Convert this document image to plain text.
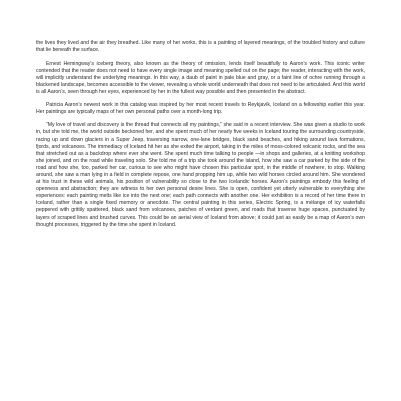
the lives they lived and the air they breathed. Like many of her works, this is a painting of layered meanings, of the troubled history and culture that lie beneath the surface.

Ernest Hemingway’s iceberg theory, also known as the theory of omission, lends itself beautifully to Aaron’s work. This iconic writer contended that the reader does not need to have every single image and meaning spelled out on the page; the reader, interacting with the work, will implicitly understand the underlying meanings. In this way, a daub of paint in pale blue and gray, or a faint line of ochre running through a blackened landscape, becomes accessible to the viewer, revealing a whole world underneath that does not need to be articulated. And this world is all Aaron’s, seen through her eyes, experienced by her in the fullest way possible and then presented in the abstract.

Patricia Aaron’s newest work in this catalog was inspired by her most recent travels to Reykjavík, Iceland on a fellowship earlier this year. Her paintings are typically maps of her own personal paths over a month-long trip.

“My love of travel and discovery is the thread that connects all my paintings,” she said in a recent interview. She was given a studio to work in, but she told me, the world outside beckoned her, and she spent much of her nearly five weeks in Iceland touring the surrounding countryside, racing up and down glaciers in a Super Jeep, traversing narrow, one-lane bridges, black sand beaches, and hiking around lava formations, fjords, and volcanoes. The immediacy of Iceland hit her as she exited the airport, taking in the miles of moss-colored volcanic rocks, and the sea that stretched out as a backdrop where ever she went. She spent much time talking to people —in shops and galleries, at a knitting workshop she joined, and on the road while traveling solo. She told me of a trip she took around the island, how she saw a car parked by the side of the road and how she, too, parked her car, curious to see who might have chosen this particular spot, in the middle of nowhere, to stop. Walking around, she saw a man lying in a field in complete repose, one hand propping him up, while two wild horses circled around him. She wondered at his trust in these wild animals, his position of vulnerability so close to the two Icelandic horses. Aaron’s paintings embody this feeling of openness and abstraction; they are witness to her own personal desire lines. She is open, confident yet utterly vulnerable to everything she experiences: each painting melts like ice into the next one; each path connects with another one. Her exhibition is a record of her time there in Iceland, rather than a single fixed memory or anecdote. The central painting in this series, Electric Spring, is a mélange of icy waterfalls peppered with grittily spattered, black sand from volcanoes, patches of verdant green, and roads that traverse huge spaces, punctuated by layers of scraped lines and brushed curves. This could be an aerial view of Iceland from above; it could just as easily be a map of Aaron’s own thought processes, triggered by the time she spent in Iceland.
